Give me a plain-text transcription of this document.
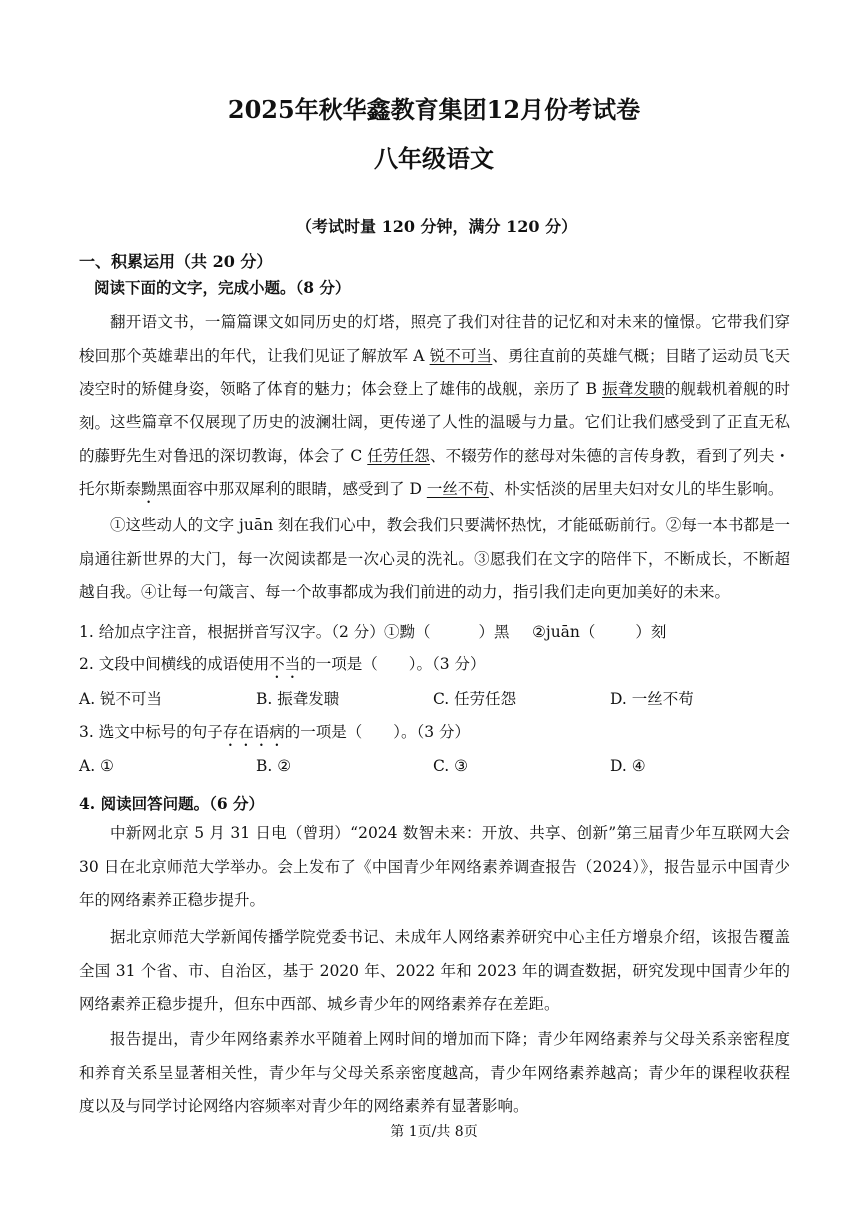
2025年秋华鑫教育集团12月份考试卷
八年级语文
（考试时量 120 分钟，满分 120 分）
一、积累运用（共 20 分）
阅读下面的文字，完成小题。（8 分）
翻开语文书，一篇篇课文如同历史的灯塔，照亮了我们对往昔的记忆和对未来的憧憬。它带我们穿梭回那个英雄辈出的年代，让我们见证了解放军 A 锐不可当、勇往直前的英雄气概；目睹了运动员飞天凌空时的矫健身姿，领略了体育的魅力；体会登上了雄伟的战舰，亲历了 B 振聋发聩的舰载机着舰的时刻。 这些篇章不仅展现了历史的波澜壮阔，更传递了人性的温暖与力量。它们让我们感受到了正直无私的藤野先生对鲁迅的深切教诲，体会了 C 任劳任怨、不辍劳作的慈母对朱德的言传身教，看到了列夫・托尔斯泰黝黑面容中那双犀利的眼睛，感受到了 D 一丝不苟、朴实恬淡的居里夫妇对女儿的毕生影响。
①这些动人的文字 juān 刻在我们心中，教会我们只要满怀热忱，才能砥砺前行。②每一本书都是一扇通往新世界的大门，每一次阅读都是一次心灵的洗礼。③愿我们在文字的陪伴下，不断成长，不断超越自我。④让每一句箴言、每一个故事都成为我们前进的动力，指引我们走向更加美好的未来。
1. 给加点字注音，根据拼音写汉字。（2 分） ①黝（	）黑 ②juān（	）刻
2. 文段中间横线的成语使用不当的一项是（　　）。（3 分）
A. 锐不可当	B. 振聋发聩	C. 任劳任怨	D. 一丝不苟
3. 选文中标号的句子存在语病的一项是（　　）。（3 分）
A. ①	B. ②	C. ③	D. ④
4. 阅读回答问题。（6 分）
中新网北京 5 月 31 日电（曾玥）“2024 数智未来：开放、共享、创新”第三届青少年互联网大会 30 日在北京师范大学举办。会上发布了《中国青少年网络素养调查报告（2024）》，报告显示中国青少年的网络素养正稳步提升。
据北京师范大学新闻传播学院党委书记、未成年人网络素养研究中心主任方增泉介绍，该报告覆盖全国 31 个省、市、自治区，基于 2020 年、2022 年和 2023 年的调查数据，研究发现中国青少年的网络素养正稳步提升，但东中西部、城乡青少年的网络素养存在差距。
报告提出，青少年网络素养水平随着上网时间的增加而下降；青少年网络素养与父母关系亲密程度和养育关系呈显著相关性，青少年与父母关系亲密度越高，青少年网络素养越高；青少年的课程收获程度以及与同学讨论网络内容频率对青少年的网络素养有显著影响。
第 1页/共 8页
